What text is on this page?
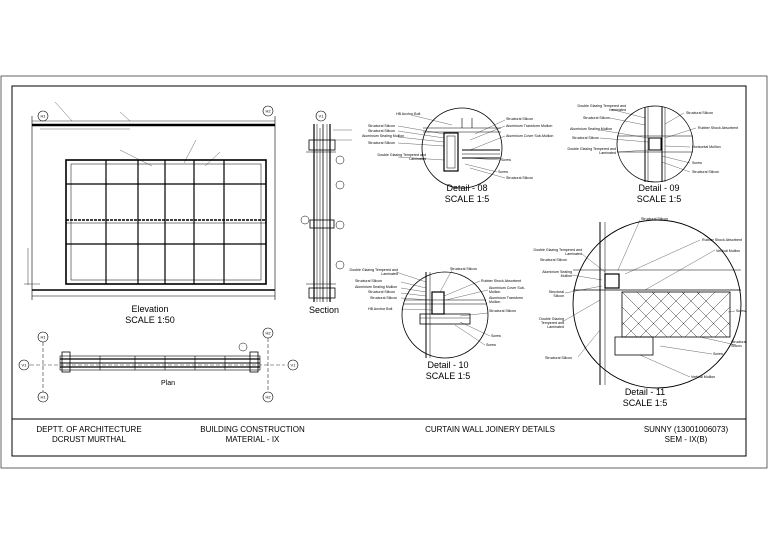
H1
H2
V1
H1
H2
V1	V1
H1	H2
Elevation
SCALE 1:50
Section
Plan
Detail - 08
SCALE 1:5
Detail - 09
SCALE 1:5
Detail - 10
SCALE 1:5
Detail - 11
SCALE 1:5
HB Anchor Bolt
Structural Silicon
Structural Silicon
Aluminium Sealing Mullion
Structural Silicon
Double Glazing Tempered and Laminated
Structural Silicon
Aluminium Transform Mullion
Aluminium Cover Sub-Mullion
Screw
Screw
Structural Silicon
Double Glazing Tempered and Laminated
Structural Silicon
Aluminium Sealing Mullion
Structural Silicon
Double Glazing Tempered and Laminated
Structural Silicon
Rubber Shock Absorbent
Horizontal Mullion
Screw
Structural Silicon
Double Glazing Tempered and Laminated
Structural Silicon
Aluminium Sealing Mullion
Structural Silicon
Structural Silicon
HB Anchor Bolt
Structural Silicon
Rubber Shock Absorbent
Aluminium Cover Sub-Mullion
Aluminium Transform Mullion
Structural Silicon
Screw
Screw
Structural Silicon
Double Glazing Tempered and Laminated
Structural Silicon
Aluminium Sealing Mullion
Structural Silicon
Double Glazing Tempered and Laminated
Structural Silicon
Rubber Shock Absorbent
Vertical Mullion
Screw
Structural Silicon
Screw
Vertical Mullion
DEPTT. OF ARCHITECTURE
DCRUST MURTHAL
BUILDING CONSTRUCTION
MATERIAL - IX
CURTAIN WALL JOINERY DETAILS	SUNNY (13001006073)
SEM - IX(B)
